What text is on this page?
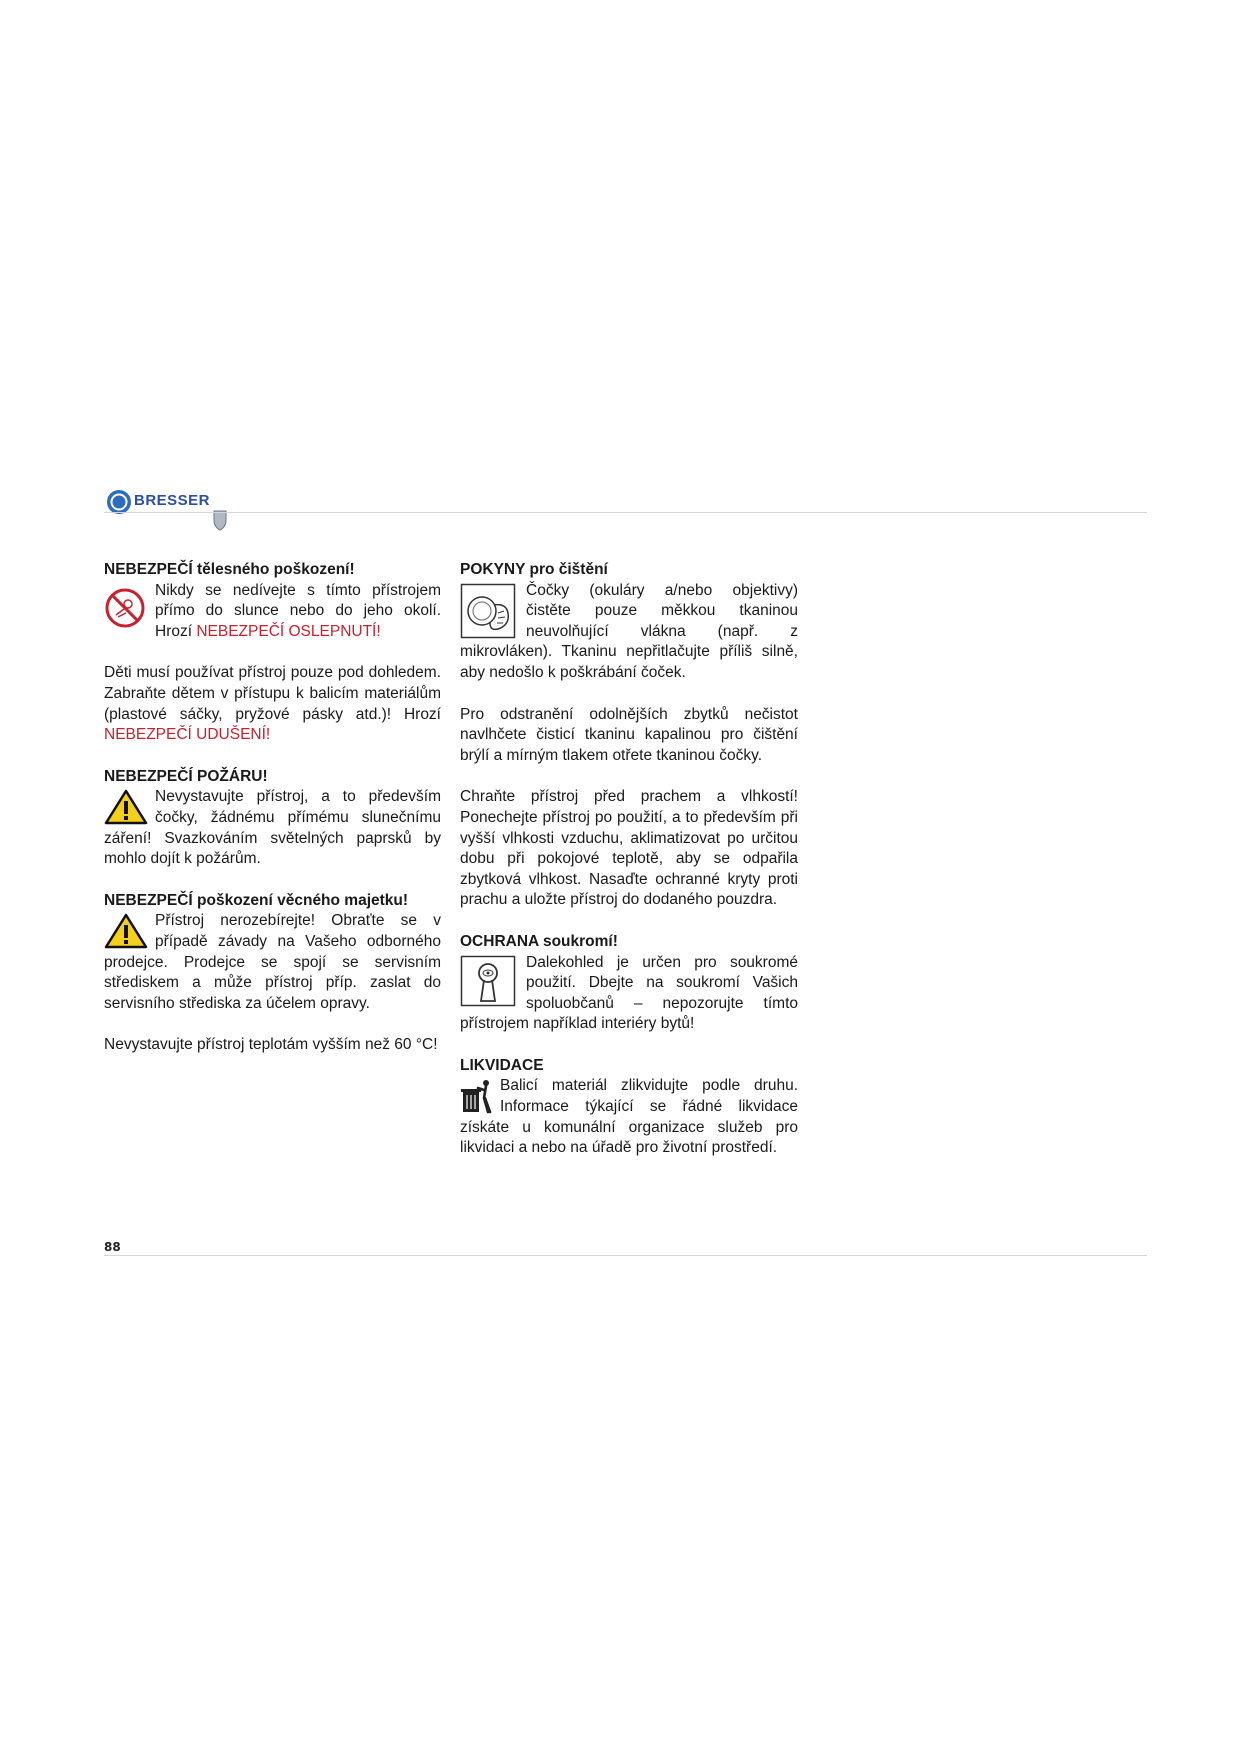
BRESSER
NEBEZPEČÍ tělesného poškození!

Nikdy se nedívejte s tímto přístrojem přímo do slunce nebo do jeho okolí. Hrozí NEBEZPEČÍ OSLEPNUTÍ!

Děti musí používat přístroj pouze pod dohledem. Zabraňte dětem v přístupu k balicím materiálům (plastové sáčky, pryžové pásky atd.)! Hrozí NEBEZPEČÍ UDUŠENÍ!

NEBEZPEČÍ POŽÁRU!

Nevystavujte přístroj, a to především čočky, žádnému přímému slunečnímu záření! Svazkováním světelných paprsků by mohlo dojít k požárům.

NEBEZPEČÍ poškození věcného majetku!

Přístroj nerozebírejte! Obraťte se v případě závady na Vašeho odborného prodejce. Prodejce se spojí se servisním střediskem a může přístroj příp. zaslat do servisního střediska za účelem opravy.

Nevystavujte přístroj teplotám vyšším než 60 °C!

POKYNY pro čištění

Čočky (okuláry a/nebo objektivy) čistěte pouze měkkou tkaninou neuvolňující vlákna (např. z mikrovláken). Tkaninu nepřitlačujte příliš silně, aby nedošlo k poškrábání čoček.

Pro odstranění odolnějších zbytků nečistot navlhčete čisticí tkaninu kapalinou pro čištění brýlí a mírným tlakem otřete tkaninou čočky.

Chraňte přístroj před prachem a vlhkostí! Ponechejte přístroj po použití, a to především při vyšší vlhkosti vzduchu, aklimatizovat po určitou dobu při pokojové teplotě, aby se odpařila zbytková vlhkost. Nasaďte ochranné kryty proti prachu a uložte přístroj do dodaného pouzdra.

OCHRANA soukromí!

Dalekohled je určen pro soukromé použití. Dbejte na soukromí Vašich spoluobčanů – nepozorujte tímto přístrojem například interiéry bytů!

LIKVIDACE

Balicí materiál zlikvidujte podle druhu. Informace týkající se řádné likvidace získáte u komunální organizace služeb pro likvidaci a nebo na úřadě pro životní prostředí.

88
